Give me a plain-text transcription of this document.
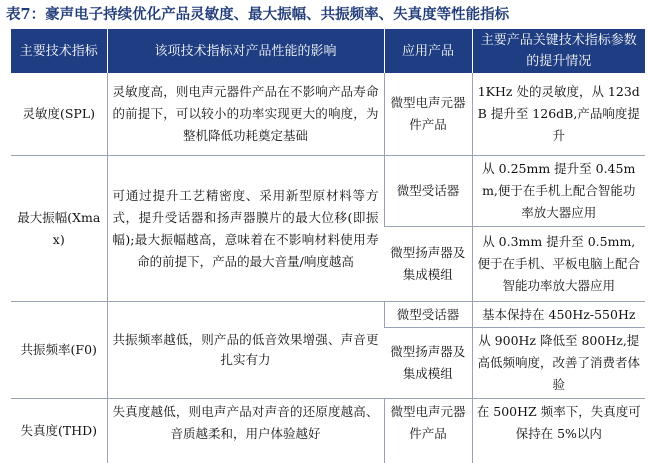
表7：豪声电子持续优化产品灵敏度、最大振幅、共振频率、失真度等性能指标
主要技术指标	该项技术指标对产品性能的影响	应用产品	主要产品关键技术指标参数的提升情况
灵敏度(SPL)	灵敏度高，则电声元器件产品在不影响产品寿命的前提下，可以较小的功率实现更大的响度，为整机降低功耗奠定基础	微型电声元器件产品	1KHz 处的灵敏度，从 123dB 提升至 126dB,产品响度提升
最大振幅(Xmax)	可通过提升工艺精密度、采用新型原材料等方式，提升受话器和扬声器膜片的最大位移(即振幅);最大振幅越高，意味着在不影响材料使用寿命的前提下，产品的最大音量/响度越高	微型受话器	从 0.25mm 提升至 0.45mm,便于在手机上配合智能功率放大器应用
		微型扬声器及集成模组	从 0.3mm 提升至 0.5mm,便于在手机、平板电脑上配合智能功率放大器应用
共振频率(F0)	共振频率越低，则产品的低音效果增强、声音更扎实有力	微型受话器	基本保持在 450Hz-550Hz
		微型扬声器及集成模组	从 900Hz 降低至 800Hz,提高低频响度，改善了消费者体验
失真度(THD)	失真度越低，则电声产品对声音的还原度越高、音质越柔和，用户体验越好	微型电声元器件产品	在 500HZ 频率下，失真度可保持在 5%以内
